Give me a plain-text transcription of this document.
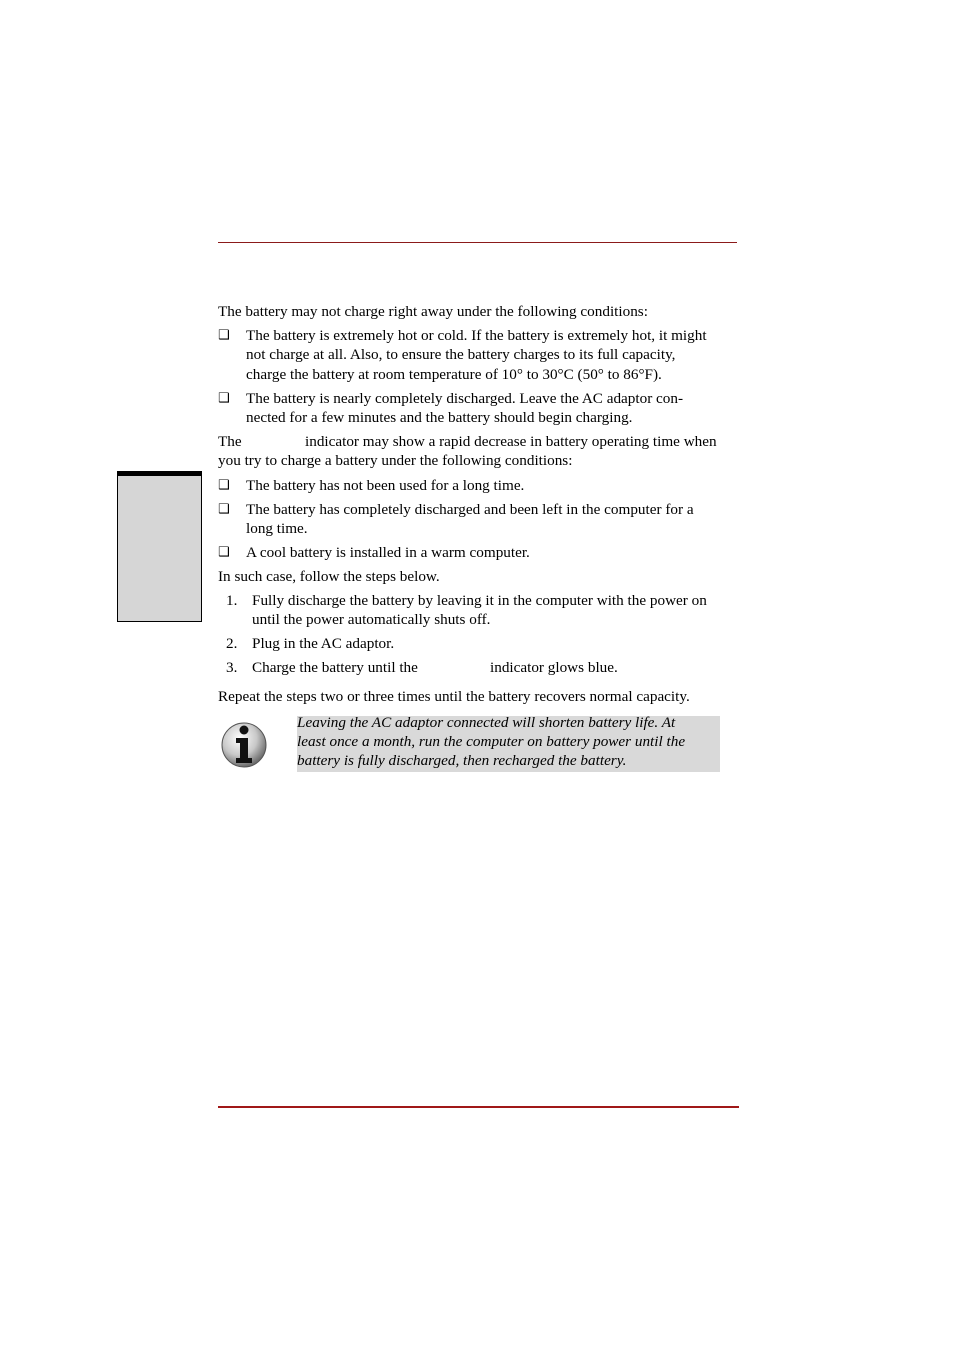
The battery may not charge right away under the following conditions:
❑ The battery is extremely hot or cold. If the battery is extremely hot, it might
not charge at all. Also, to ensure the battery charges to its full capacity,
charge the battery at room temperature of 10° to 30°C (50° to 86°F).
❑ The battery is nearly completely discharged. Leave the AC adaptor con-
nected for a few minutes and the battery should begin charging.
The	indicator may show a rapid decrease in battery operating time when
you try to charge a battery under the following conditions:
❑ The battery has not been used for a long time.
❑ The battery has completely discharged and been left in the computer for a
long time.
❑ A cool battery is installed in a warm computer.
In such case, follow the steps below.
1. Fully discharge the battery by leaving it in the computer with the power on
until the power automatically shuts off.
2. Plug in the AC adaptor.
3. Charge the battery until the	indicator glows blue.
Repeat the steps two or three times until the battery recovers normal capacity.
Leaving the AC adaptor connected will shorten battery life. At
least once a month, run the computer on battery power until the
battery is fully discharged, then recharged the battery.
